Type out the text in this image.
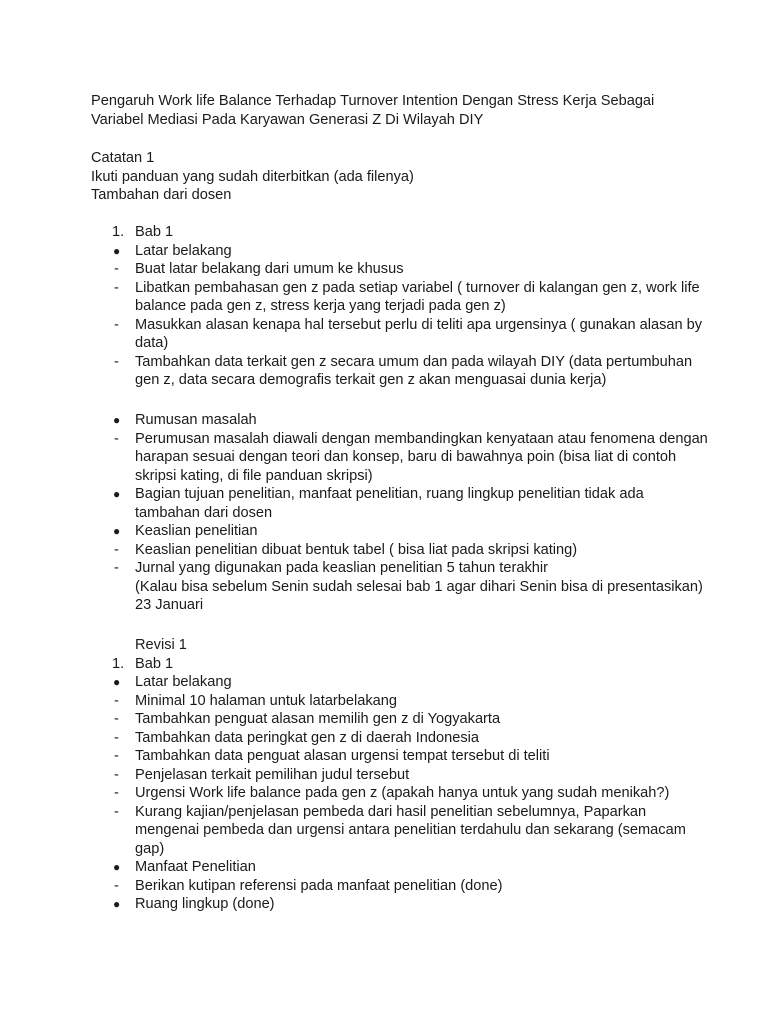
Pengaruh Work life Balance Terhadap Turnover Intention Dengan Stress Kerja Sebagai
Variabel Mediasi Pada Karyawan Generasi Z Di Wilayah DIY
Catatan 1
Ikuti panduan yang sudah diterbitkan (ada filenya)
Tambahan dari dosen
1. Bab 1
●	Latar belakang
-	Buat latar belakang dari umum ke khusus
-	Libatkan pembahasan gen z pada setiap variabel ( turnover di kalangan gen z, work life
balance pada gen z, stress kerja yang terjadi pada gen z)
-	Masukkan alasan kenapa hal tersebut perlu di teliti apa urgensinya ( gunakan alasan by
data)
-	Tambahkan data terkait gen z secara umum dan pada wilayah DIY (data pertumbuhan
gen z, data secara demografis terkait gen z akan menguasai dunia kerja)
●	Rumusan masalah
-	Perumusan masalah diawali dengan membandingkan kenyataan atau fenomena dengan
harapan sesuai dengan teori dan konsep, baru di bawahnya poin (bisa liat di contoh
skripsi kating, di file panduan skripsi)
●	Bagian tujuan penelitian, manfaat penelitian, ruang lingkup penelitian tidak ada
tambahan dari dosen
●	Keaslian penelitian
-	Keaslian penelitian dibuat bentuk tabel ( bisa liat pada skripsi kating)
-	Jurnal yang digunakan pada keaslian penelitian 5 tahun terakhir
(Kalau bisa sebelum Senin sudah selesai bab 1 agar dihari Senin bisa di presentasikan)
23 Januari
Revisi 1
1. Bab 1
●	Latar belakang
-	Minimal 10 halaman untuk latarbelakang
-	Tambahkan penguat alasan memilih gen z di Yogyakarta
-	Tambahkan data peringkat gen z di daerah Indonesia
-	Tambahkan data penguat alasan urgensi tempat tersebut di teliti
-	Penjelasan terkait pemilihan judul tersebut
-	Urgensi Work life balance pada gen z (apakah hanya untuk yang sudah menikah?)
-	Kurang kajian/penjelasan pembeda dari hasil penelitian sebelumnya, Paparkan
mengenai pembeda dan urgensi antara penelitian terdahulu dan sekarang (semacam
gap)
●	Manfaat Penelitian
-	Berikan kutipan referensi pada manfaat penelitian (done)
●	Ruang lingkup (done)
